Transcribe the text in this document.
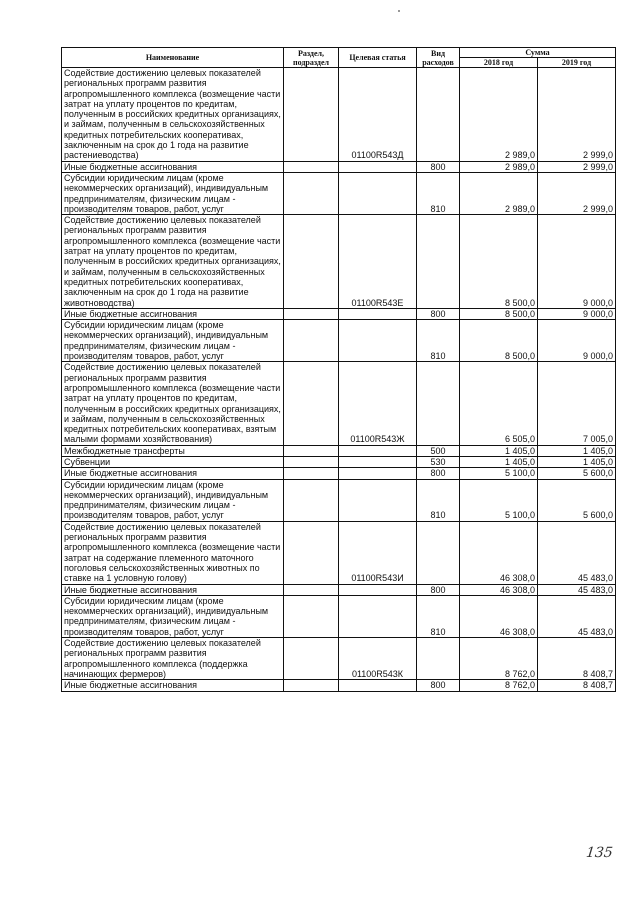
Наименование	Раздел, подраздел	Целевая статья	Вид расходов	Сумма	
				2018 год	2019 год
Содействие достижению целевых показателей региональных программ развития агропромышленного комплекса (возмещение части затрат на уплату процентов по кредитам, полученным в российских кредитных организациях, и займам, полученным в сельскохозяйственных кредитных потребительских кооперативах, заключенным на срок до 1 года на развитие растениеводства)		01100R543Д		2 989,0	2 999,0
Иные бюджетные ассигнования			800	2 989,0	2 999,0
Субсидии юридическим лицам (кроме некоммерческих организаций), индивидуальным предпринимателям, физическим лицам - производителям товаров, работ, услуг			810	2 989,0	2 999,0
Содействие достижению целевых показателей региональных программ развития агропромышленного комплекса (возмещение части затрат на уплату процентов по кредитам, полученным в российских кредитных организациях, и займам, полученным в сельскохозяйственных кредитных потребительских кооперативах, заключенным на срок до 1 года на развитие животноводства)		01100R543Е		8 500,0	9 000,0
Иные бюджетные ассигнования			800	8 500,0	9 000,0
Субсидии юридическим лицам (кроме некоммерческих организаций), индивидуальным предпринимателям, физическим лицам - производителям товаров, работ, услуг			810	8 500,0	9 000,0
Содействие достижению целевых показателей региональных программ развития агропромышленного комплекса (возмещение части затрат на уплату процентов по кредитам, полученным в российских кредитных организациях, и займам, полученным в сельскохозяйственных кредитных потребительских кооперативах, взятым малыми формами хозяйствования)		01100R543Ж		6 505,0	7 005,0
Межбюджетные трансферты			500	1 405,0	1 405,0
Субвенции			530	1 405,0	1 405,0
Иные бюджетные ассигнования			800	5 100,0	5 600,0
Субсидии юридическим лицам (кроме некоммерческих организаций), индивидуальным предпринимателям, физическим лицам - производителям товаров, работ, услуг			810	5 100,0	5 600,0
Содействие достижению целевых показателей региональных программ развития агропромышленного комплекса (возмещение части затрат на содержание племенного маточного поголовья сельскохозяйственных животных по ставке на 1 условную голову)		01100R543И		46 308,0	45 483,0
Иные бюджетные ассигнования			800	46 308,0	45 483,0
Субсидии юридическим лицам (кроме некоммерческих организаций), индивидуальным предпринимателям, физическим лицам - производителям товаров, работ, услуг			810	46 308,0	45 483,0
Содействие достижению целевых показателей региональных программ развития агропромышленного комплекса (поддержка начинающих фермеров)		01100R543К		8 762,0	8 408,7
Иные бюджетные ассигнования			800	8 762,0	8 408,7
135
